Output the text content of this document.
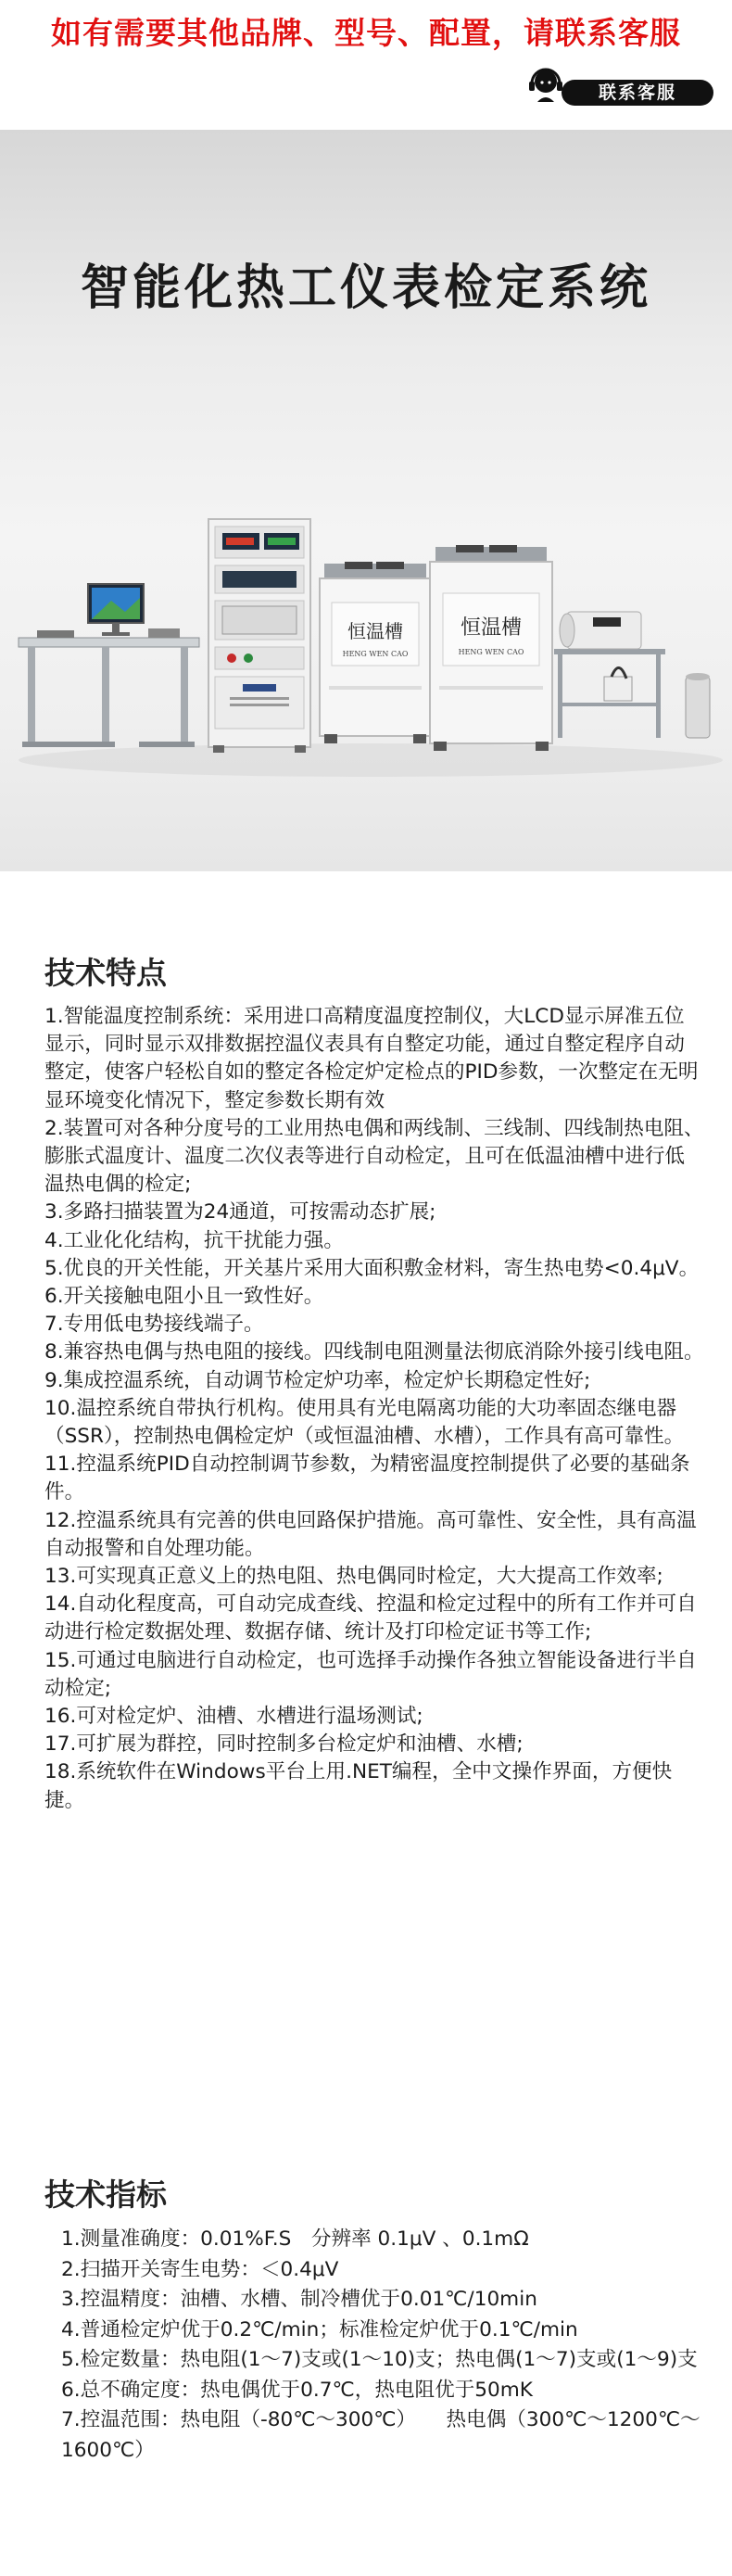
如有需要其他品牌、型号、配置，请联系客服
联系客服
智能化热工仪表检定系统
恒温槽
HENG WEN CAO
恒温槽
HENG WEN CAO
技术特点

1.智能温度控制系统：采用进口高精度温度控制仪，大LCD显示屏准五位显示，同时显示双排数据控温仪表具有自整定功能，通过自整定程序自动整定，使客户轻松自如的整定各检定炉定检点的PID参数，一次整定在无明显环境变化情况下，整定参数长期有效

2.装置可对各种分度号的工业用热电偶和两线制、三线制、四线制热电阻、膨胀式温度计、温度二次仪表等进行自动检定，且可在低温油槽中进行低温热电偶的检定;

3.多路扫描装置为24通道，可按需动态扩展;

4.工业化化结构，抗干扰能力强。

5.优良的开关性能，开关基片采用大面积敷金材料，寄生热电势<0.4μV。

6.开关接触电阻小且一致性好。

7.专用低电势接线端子。

8.兼容热电偶与热电阻的接线。四线制电阻测量法彻底消除外接引线电阻。

9.集成控温系统，自动调节检定炉功率，检定炉长期稳定性好;

10.温控系统自带执行机构。使用具有光电隔离功能的大功率固态继电器（SSR），控制热电偶检定炉（或恒温油槽、水槽），工作具有高可靠性。

11.控温系统PID自动控制调节参数，为精密温度控制提供了必要的基础条件。

12.控温系统具有完善的供电回路保护措施。高可靠性、安全性，具有高温自动报警和自处理功能。

13.可实现真正意义上的热电阻、热电偶同时检定，大大提高工作效率;

14.自动化程度高，可自动完成查线、控温和检定过程中的所有工作并可自动进行检定数据处理、数据存储、统计及打印检定证书等工作;

15.可通过电脑进行自动检定，也可选择手动操作各独立智能设备进行半自动检定;

16.可对检定炉、油槽、水槽进行温场测试;

17.可扩展为群控，同时控制多台检定炉和油槽、水槽;

18.系统软件在Windows平台上用.NET编程，全中文操作界面，方便快捷。

技术指标

1.测量准确度：0.01%F.S　分辨率 0.1μV 、0.1mΩ

2.扫描开关寄生电势：＜0.4μV

3.控温精度：油槽、水槽、制冷槽优于0.01℃/10min

4.普通检定炉优于0.2℃/min；标准检定炉优于0.1℃/min

5.检定数量：热电阻(1～7)支或(1～10)支；热电偶(1～7)支或(1～9)支

6.总不确定度：热电偶优于0.7℃，热电阻优于50mK

7.控温范围：热电阻（-80℃～300℃）　　热电偶（300℃～1200℃～1600℃）
